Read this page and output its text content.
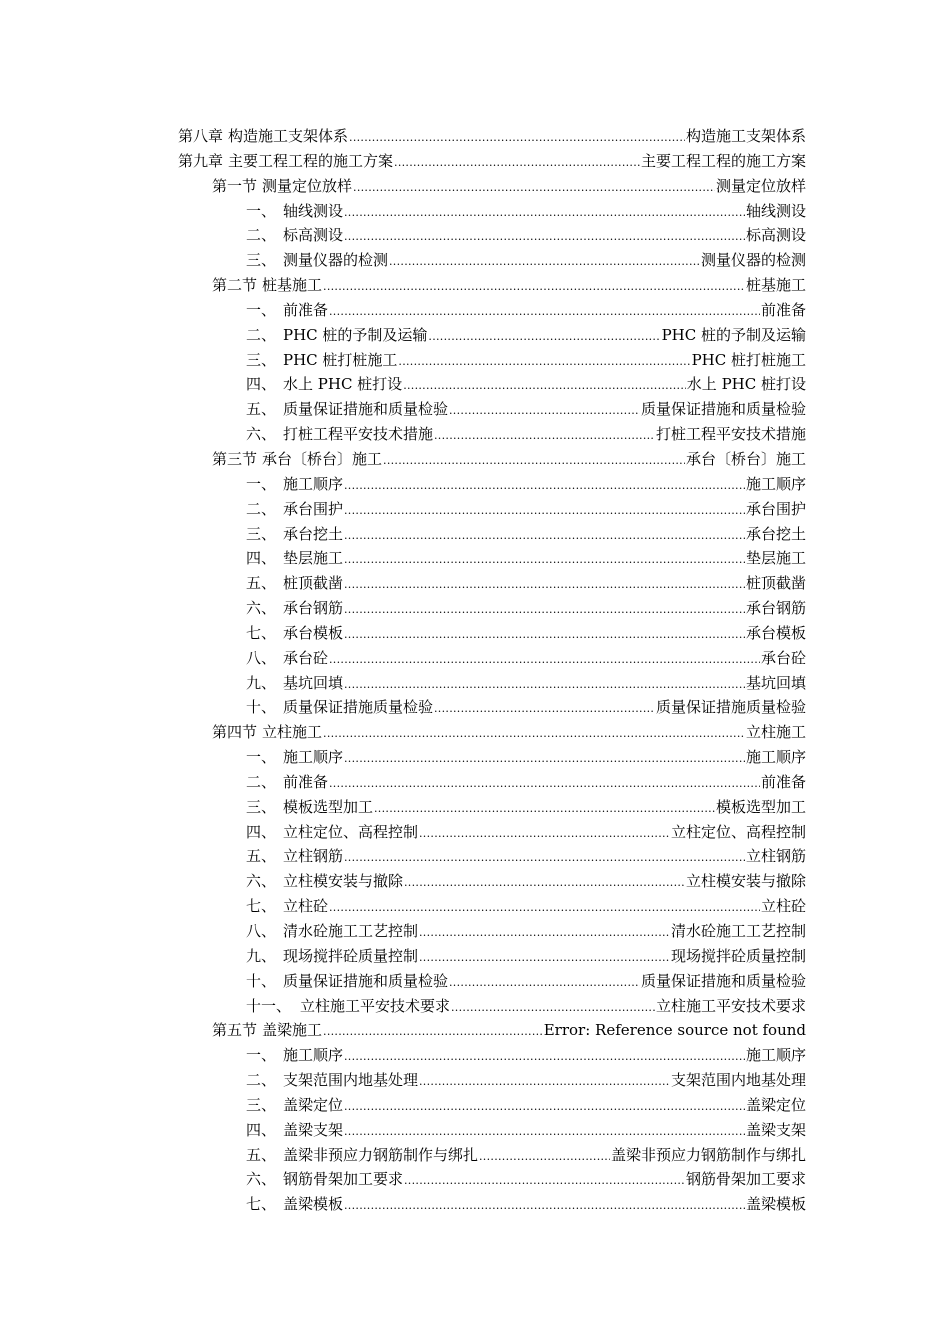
第八章 构造施工支架体系 .....	构造施工支架体系
第九章 主要工程工程的施工方案 .....	主要工程工程的施工方案
第一节 测量定位放样 .....	测量定位放样
一、 轴线测设 .....	轴线测设
二、 标高测设 .....	标高测设
三、 测量仪器的检测 .....	测量仪器的检测
第二节 桩基施工 .....	桩基施工
一、 前准备 .....	前准备
二、 PHC 桩的予制及运输 .....	PHC 桩的予制及运输
三、 PHC 桩打桩施工 .....	PHC 桩打桩施工
四、 水上 PHC 桩打设 .....	水上 PHC 桩打设
五、 质量保证措施和质量检验 .....	质量保证措施和质量检验
六、 打桩工程平安技术措施 .....	打桩工程平安技术措施
第三节 承台〔桥台〕施工 .....	承台〔桥台〕施工
一、 施工顺序 .....	施工顺序
二、 承台围护 .....	承台围护
三、 承台挖土 .....	承台挖土
四、 垫层施工 .....	垫层施工
五、 桩顶截凿 .....	桩顶截凿
六、 承台钢筋 .....	承台钢筋
七、 承台模板 .....	承台模板
八、 承台砼 .....	承台砼
九、 基坑回填 .....	基坑回填
十、 质量保证措施质量检验 .....	质量保证措施质量检验
第四节 立柱施工 .....	立柱施工
一、 施工顺序 .....	施工顺序
二、 前准备 .....	前准备
三、 模板选型加工 .....	模板选型加工
四、 立柱定位、高程控制 .....	立柱定位、高程控制
五、 立柱钢筋 .....	立柱钢筋
六、 立柱模安装与撤除 .....	立柱模安装与撤除
七、 立柱砼 .....	立柱砼
八、 清水砼施工工艺控制 .....	清水砼施工工艺控制
九、 现场搅拌砼质量控制 .....	现场搅拌砼质量控制
十、 质量保证措施和质量检验 .....	质量保证措施和质量检验
十一、 立柱施工平安技术要求 .....	立柱施工平安技术要求
第五节 盖梁施工 .....	Error: Reference source not found
一、 施工顺序 .....	施工顺序
二、 支架范围内地基处理 .....	支架范围内地基处理
三、 盖梁定位 .....	盖梁定位
四、 盖梁支架 .....	盖梁支架
五、 盖梁非预应力钢筋制作与绑扎 .....	盖梁非预应力钢筋制作与绑扎
六、 钢筋骨架加工要求 .....	钢筋骨架加工要求
七、 盖梁模板 .....	盖梁模板
